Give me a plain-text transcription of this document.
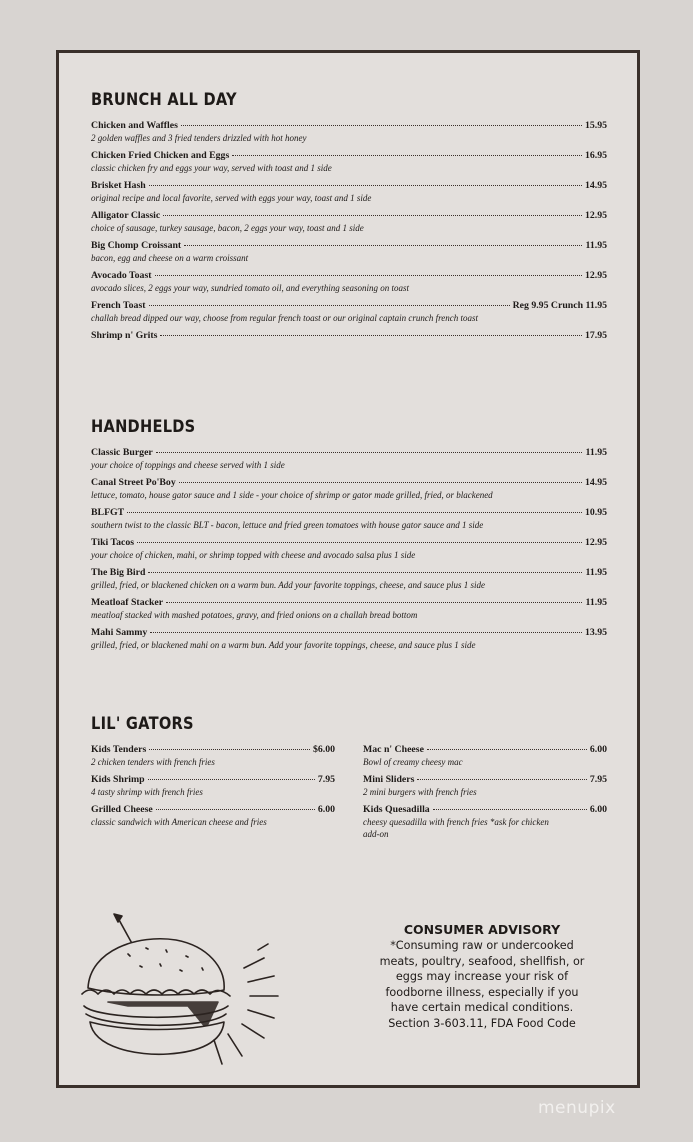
BRUNCH ALL DAY
Chicken and Waffles	15.95
2 golden waffles and 3 fried tenders drizzled with hot honey
Chicken Fried Chicken and Eggs	16.95
classic chicken fry and eggs your way, served with toast and 1 side
Brisket Hash	14.95
original recipe and local favorite, served with eggs your way, toast and 1 side
Alligator Classic	12.95
choice of sausage, turkey sausage, bacon, 2 eggs your way, toast and 1 side
Big Chomp Croissant	11.95
bacon, egg and cheese on a warm croissant
Avocado Toast	12.95
avocado slices, 2 eggs your way, sundried tomato oil, and everything seasoning on toast
French Toast	Reg 9.95 Crunch 11.95
challah bread dipped our way, choose from regular french toast or our original captain crunch french toast
Shrimp n' Grits	17.95
HANDHELDS
Classic Burger	11.95
your choice of toppings and cheese served with 1 side
Canal Street Po'Boy	14.95
lettuce, tomato, house gator sauce and 1 side - your choice of shrimp or gator made grilled, fried, or blackened
BLFGT	10.95
southern twist to the classic BLT - bacon, lettuce and fried green tomatoes with house gator sauce and 1 side
Tiki Tacos	12.95
your choice of chicken, mahi, or shrimp topped with cheese and avocado salsa plus 1 side
The Big Bird	11.95
grilled, fried, or blackened chicken on a warm bun. Add your favorite toppings, cheese, and sauce plus 1 side
Meatloaf Stacker	11.95
meatloaf stacked with mashed potatoes, gravy, and fried onions on a challah bread bottom
Mahi Sammy	13.95
grilled, fried, or blackened mahi on a warm bun. Add your favorite toppings, cheese, and sauce plus 1 side
LIL' GATORS
Kids Tenders	$6.00
2 chicken tenders with french fries
Kids Shrimp	7.95
4 tasty shrimp with french fries
Grilled Cheese	6.00
classic sandwich with American cheese and fries
Mac n' Cheese	6.00
Bowl of creamy cheesy mac
Mini Sliders	7.95
2 mini burgers with french fries
Kids Quesadilla	6.00
cheesy quesadilla with french fries *ask for chicken
add-on
CONSUMER ADVISORY
*Consuming raw or undercooked
meats, poultry, seafood, shellfish, or
eggs may increase your risk of
foodborne illness, especially if you
have certain medical conditions.
Section 3-603.11, FDA Food Code
menupix
